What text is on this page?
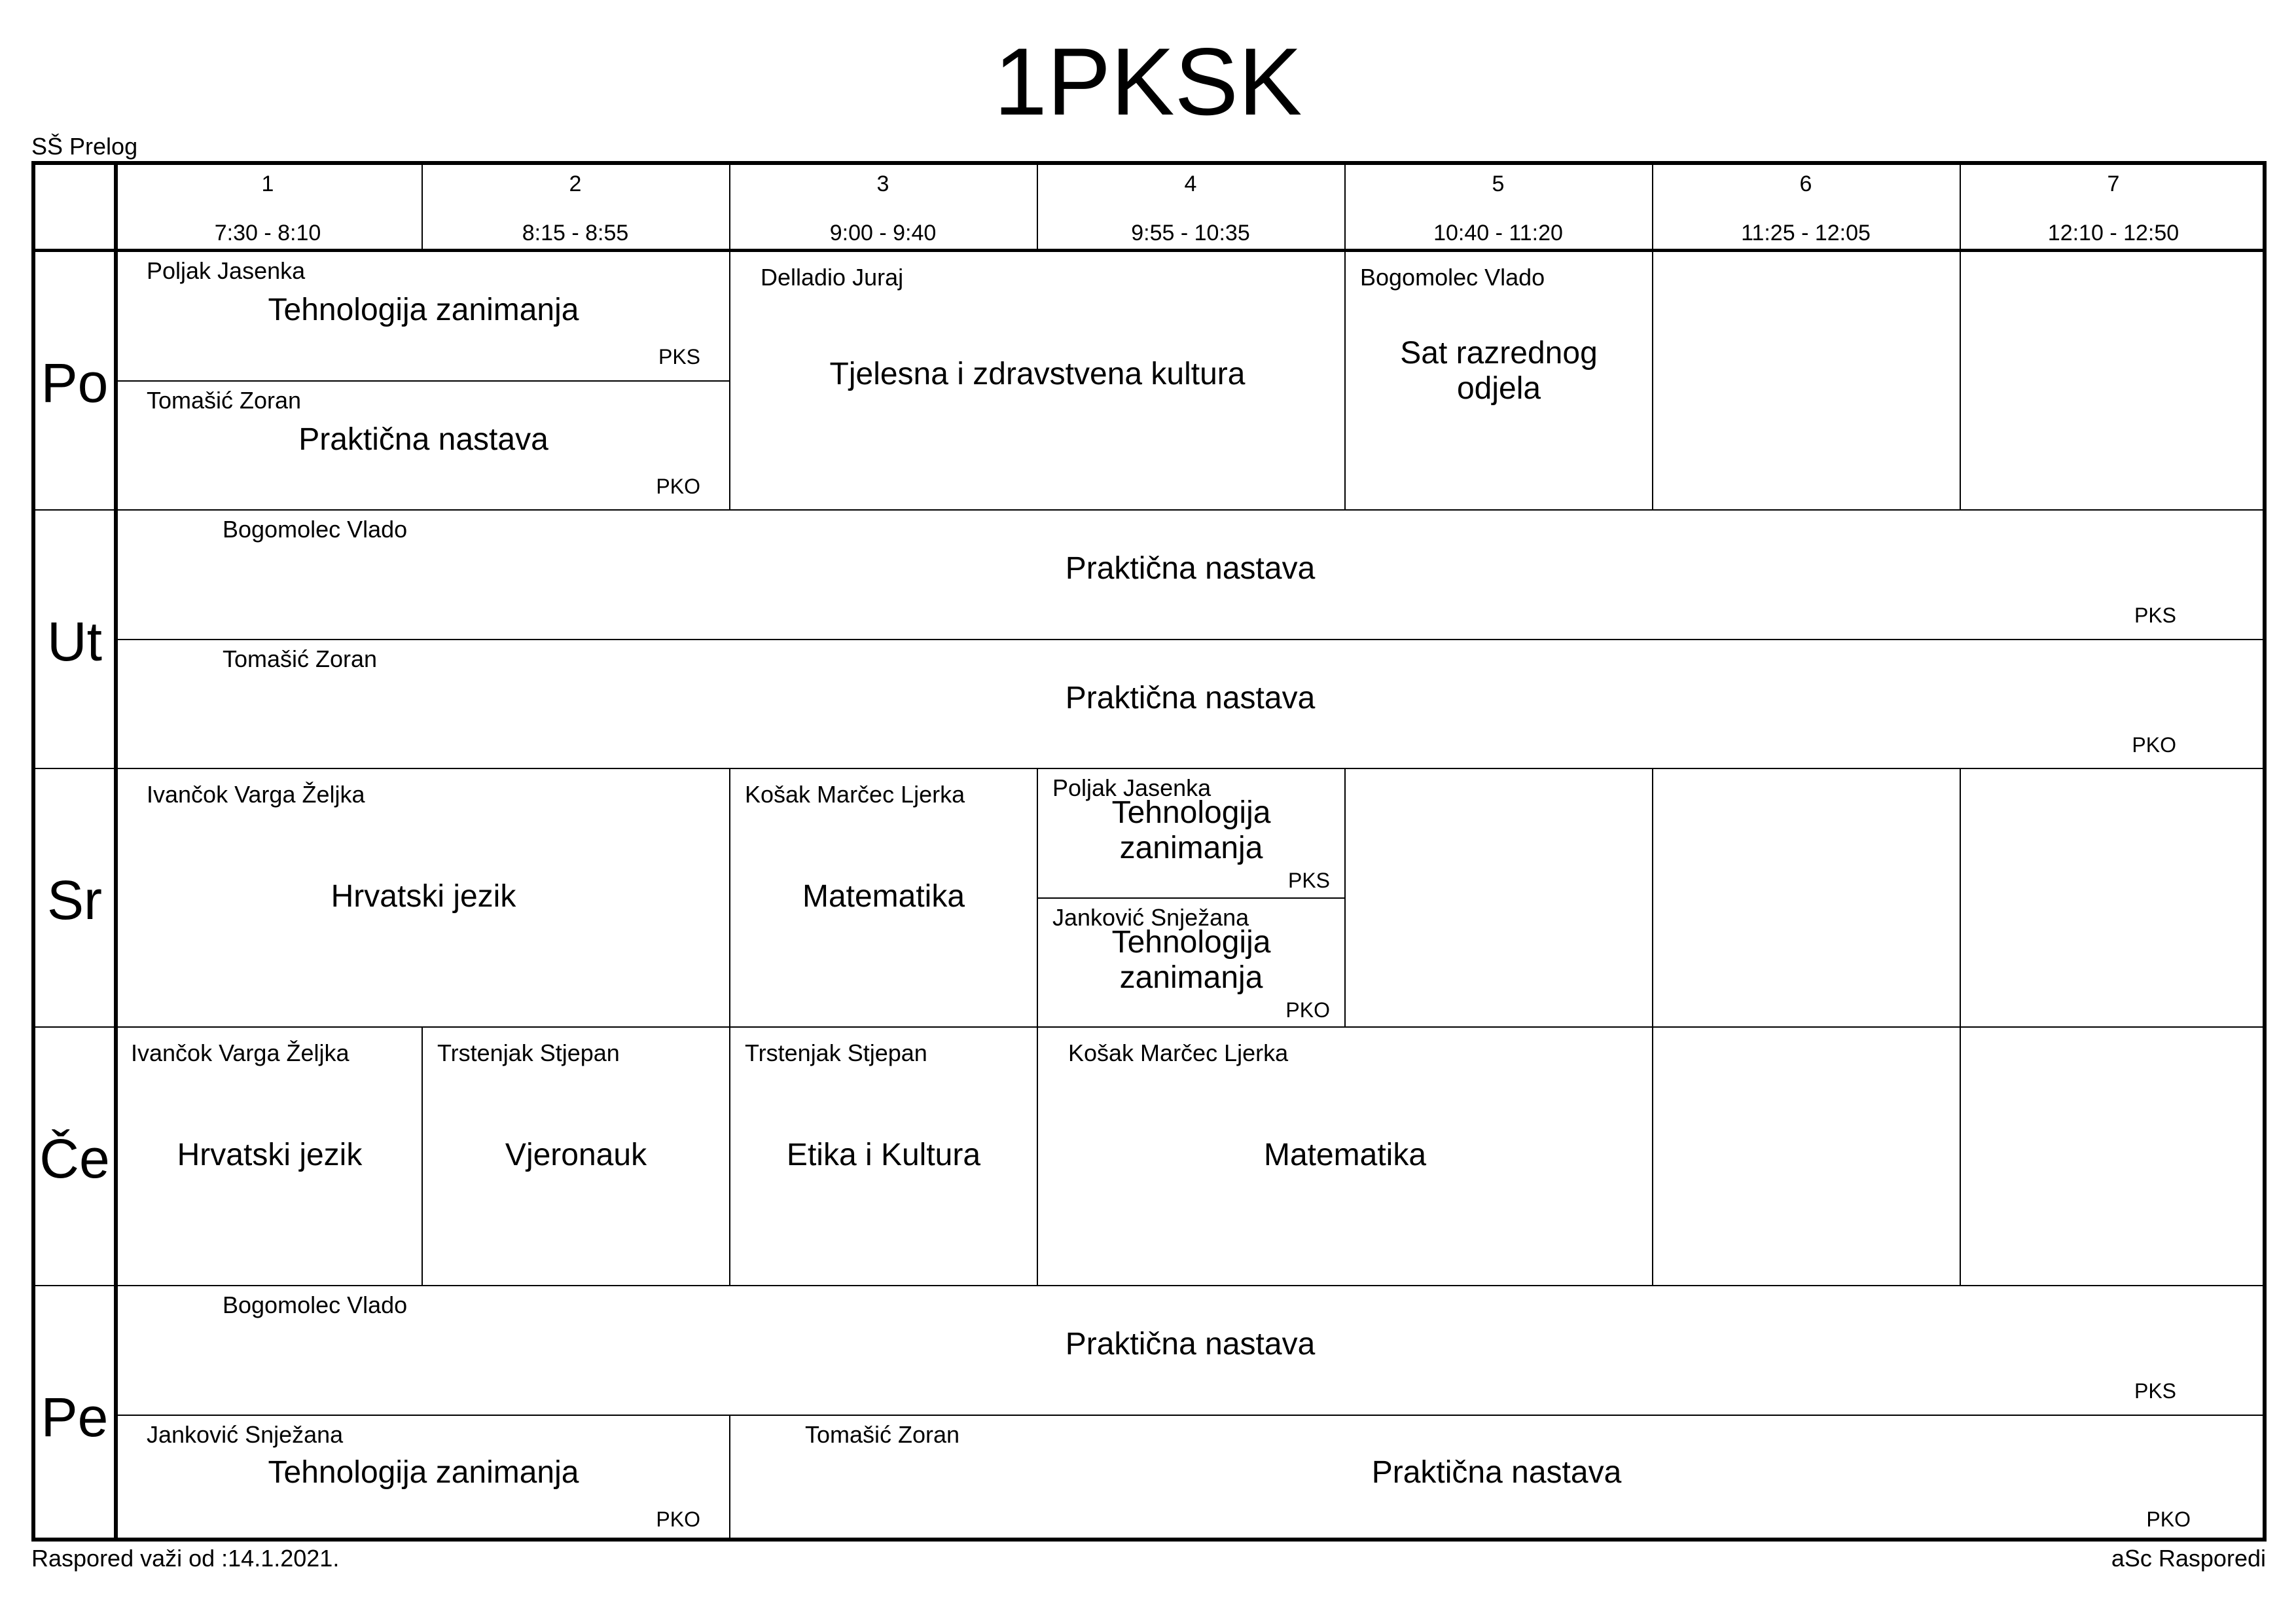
1PKSK
SŠ Prelog
1
7:30 - 8:10
2
8:15 - 8:55
3
9:00 - 9:40
4
9:55 - 10:35
5
10:40 - 11:20
6
11:25 - 12:05
7
12:10 - 12:50
Po
Ut
Sr
Če
Pe
Poljak Jasenka
Tehnologija zanimanja
PKS
Tomašić Zoran
Praktična nastava
PKO
Delladio Juraj
Tjelesna i zdravstvena kultura
Bogomolec Vlado
Sat razrednog
odjela
Bogomolec Vlado
Praktična nastava
PKS
Tomašić Zoran
Praktična nastava
PKO
Ivančok Varga Željka
Hrvatski jezik
Košak Marčec Ljerka
Matematika
Poljak Jasenka
Tehnologija
zanimanja
PKS
Janković Snježana
Tehnologija
zanimanja
PKO
Ivančok Varga Željka
Hrvatski jezik
Trstenjak Stjepan
Vjeronauk
Trstenjak Stjepan
Etika i Kultura
Košak Marčec Ljerka
Matematika
Bogomolec Vlado
Praktična nastava
PKS
Janković Snježana
Tehnologija zanimanja
PKO
Tomašić Zoran
Praktična nastava
PKO
Raspored važi od :14.1.2021.	aSc Rasporedi
